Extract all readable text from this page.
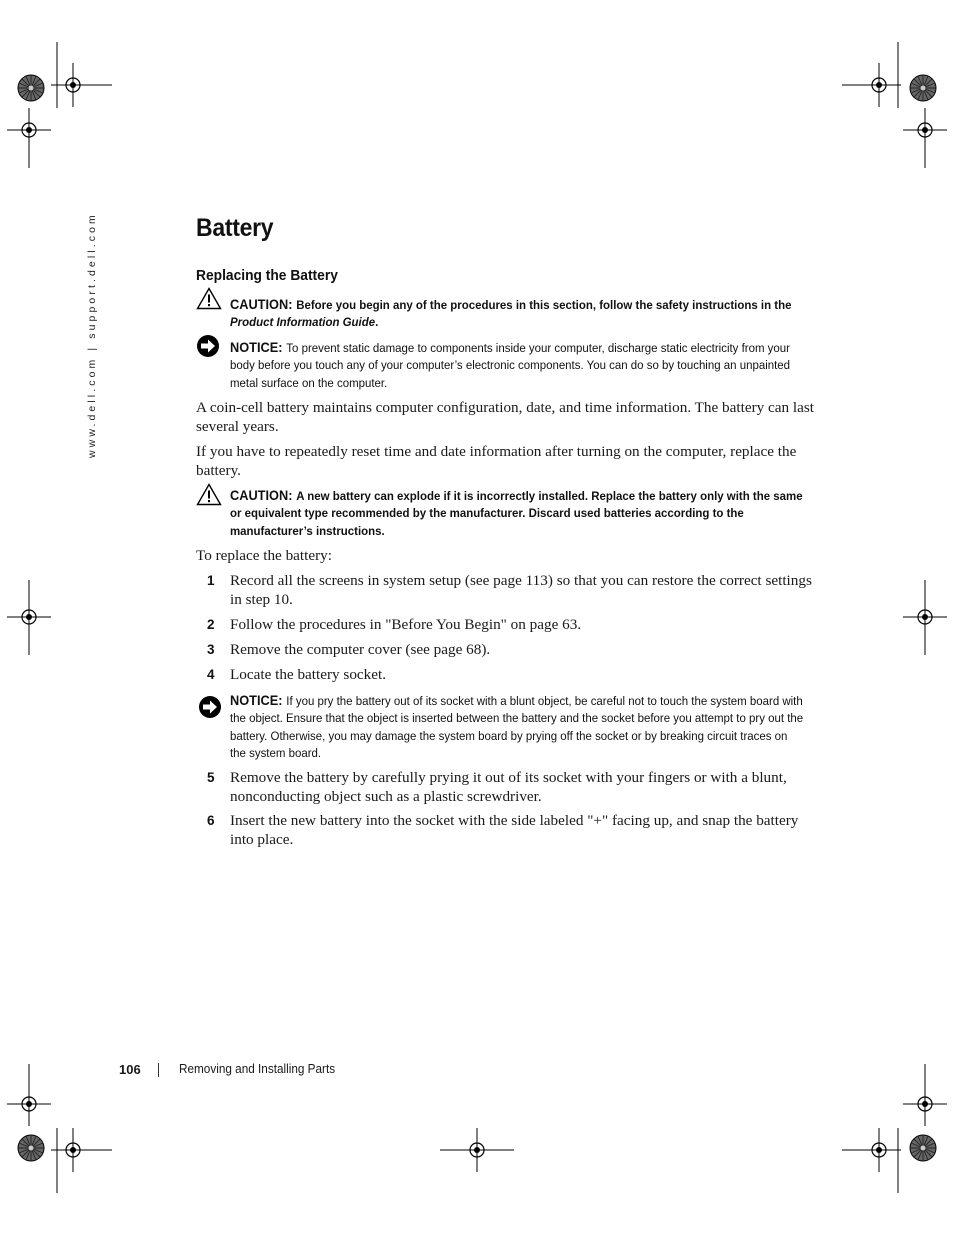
www.dell.com | support.dell.com	Battery
Replacing the Battery
CAUTION: Before you begin any of the procedures in this section, follow the safety instructions in the
Product Information Guide.
NOTICE: To prevent static damage to components inside your computer, discharge static electricity from your body before you touch any of your computer’s electronic components. You can do so by touching an unpainted metal surface on the computer.
A coin-cell battery maintains computer configuration, date, and time information. The battery can last several years.
If you have to repeatedly reset time and date information after turning on the computer, replace the battery.
CAUTION: A new battery can explode if it is incorrectly installed. Replace the battery only with the same or equivalent type recommended by the manufacturer. Discard used batteries according to the manufacturer’s instructions.
To replace the battery:
1 Record all the screens in system setup (see page 113) so that you can restore the correct settings in step 10.
2 Follow the procedures in "Before You Begin" on page 63.
3 Remove the computer cover (see page 68).
4 Locate the battery socket.
NOTICE: If you pry the battery out of its socket with a blunt object, be careful not to touch the system board with the object. Ensure that the object is inserted between the battery and the socket before you attempt to pry out the battery. Otherwise, you may damage the system board by prying off the socket or by breaking circuit traces on the system board.
5 Remove the battery by carefully prying it out of its socket with your fingers or with a blunt, nonconducting object such as a plastic screwdriver.
6 Insert the new battery into the socket with the side labeled "+" facing up, and snap the battery into place.
106	Removing and Installing Parts
